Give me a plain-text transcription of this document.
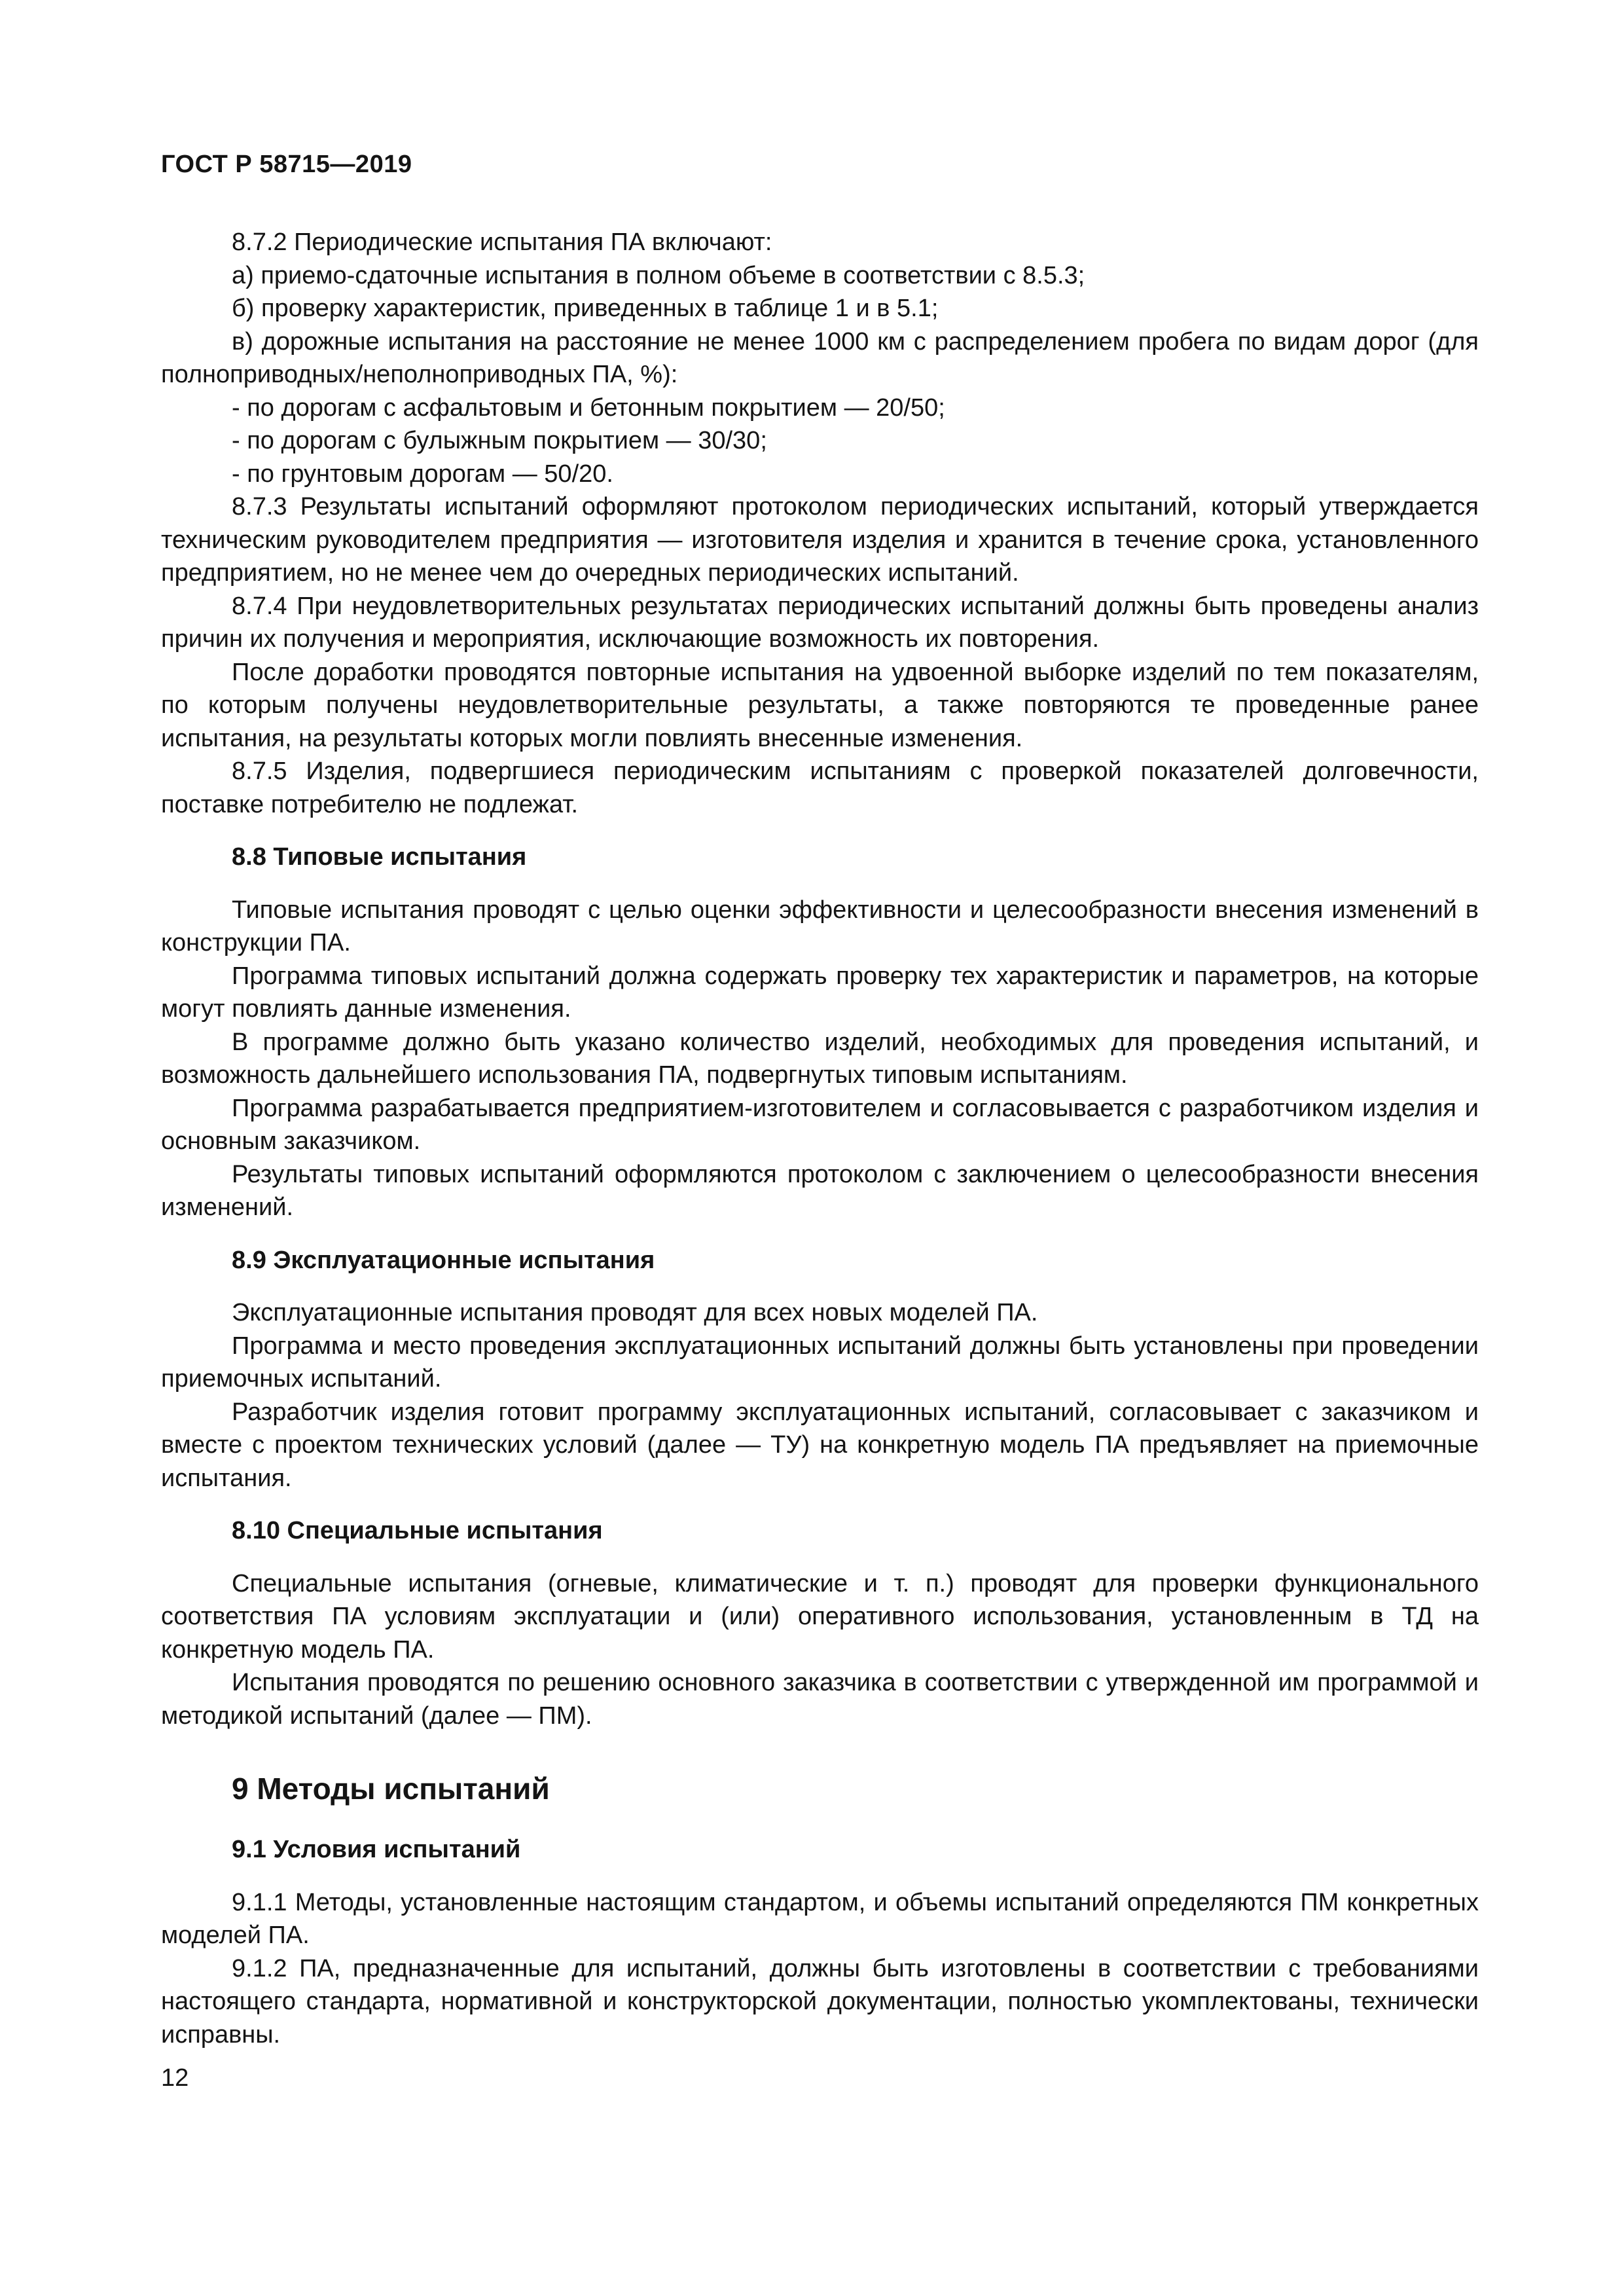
ГОСТ Р 58715—2019

8.7.2 Периодические испытания ПА включают:

а) приемо-сдаточные испытания в полном объеме в соответствии с 8.5.3;

б) проверку характеристик, приведенных в таблице 1 и в 5.1;

в) дорожные испытания на расстояние не менее 1000 км с распределением пробега по видам дорог (для полноприводных/неполноприводных ПА, %):

- по дорогам с асфальтовым и бетонным покрытием — 20/50;

- по дорогам с булыжным покрытием — 30/30;

- по грунтовым дорогам — 50/20.

8.7.3 Результаты испытаний оформляют протоколом периодических испытаний, который утверждается техническим руководителем предприятия — изготовителя изделия и хранится в течение срока, установленного предприятием, но не менее чем до очередных периодических испытаний.

8.7.4 При неудовлетворительных результатах периодических испытаний должны быть проведены анализ причин их получения и мероприятия, исключающие возможность их повторения.

После доработки проводятся повторные испытания на удвоенной выборке изделий по тем показателям, по которым получены неудовлетворительные результаты, а также повторяются те проведенные ранее испытания, на результаты которых могли повлиять внесенные изменения.

8.7.5 Изделия, подвергшиеся периодическим испытаниям с проверкой показателей долговечности, поставке потребителю не подлежат.

8.8 Типовые испытания

Типовые испытания проводят с целью оценки эффективности и целесообразности внесения изменений в конструкции ПА.

Программа типовых испытаний должна содержать проверку тех характеристик и параметров, на которые могут повлиять данные изменения.

В программе должно быть указано количество изделий, необходимых для проведения испытаний, и возможность дальнейшего использования ПА, подвергнутых типовым испытаниям.

Программа разрабатывается предприятием-изготовителем и согласовывается с разработчиком изделия и основным заказчиком.

Результаты типовых испытаний оформляются протоколом с заключением о целесообразности внесения изменений.

8.9 Эксплуатационные испытания

Эксплуатационные испытания проводят для всех новых моделей ПА.

Программа и место проведения эксплуатационных испытаний должны быть установлены при проведении приемочных испытаний.

Разработчик изделия готовит программу эксплуатационных испытаний, согласовывает с заказчиком и вместе с проектом технических условий (далее — ТУ) на конкретную модель ПА предъявляет на приемочные испытания.

8.10 Специальные испытания

Специальные испытания (огневые, климатические и т. п.) проводят для проверки функционального соответствия ПА условиям эксплуатации и (или) оперативного использования, установленным в ТД на конкретную модель ПА.

Испытания проводятся по решению основного заказчика в соответствии с утвержденной им программой и методикой испытаний (далее — ПМ).

9 Методы испытаний

9.1 Условия испытаний

9.1.1 Методы, установленные настоящим стандартом, и объемы испытаний определяются ПМ конкретных моделей ПА.

9.1.2 ПА, предназначенные для испытаний, должны быть изготовлены в соответствии с требованиями настоящего стандарта, нормативной и конструкторской документации, полностью укомплектованы, технически исправны.

12
